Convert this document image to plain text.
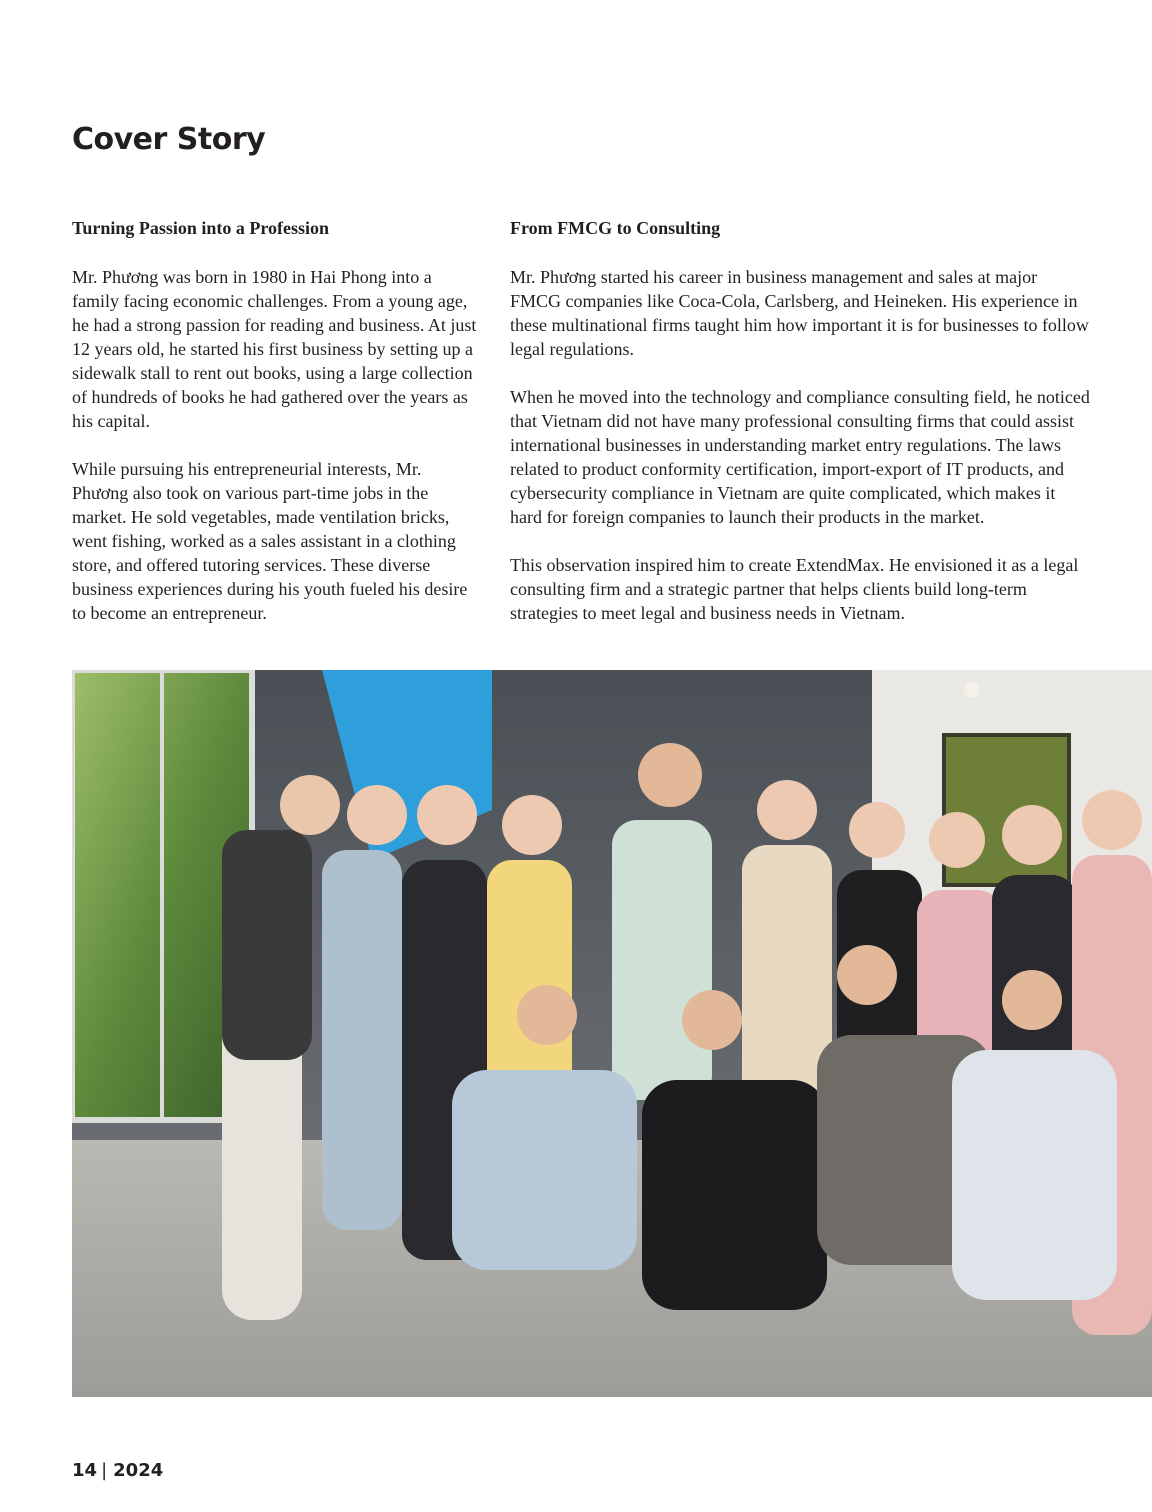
Cover Story
Turning Passion into a Profession

Mr. Phương was born in 1980 in Hai Phong into a family facing economic challenges. From a young age, he had a strong passion for reading and business. At just 12 years old, he started his first business by setting up a sidewalk stall to rent out books, using a large collection of hundreds of books he had gathered over the years as his capital.

While pursuing his entrepreneurial interests, Mr. Phương also took on various part-time jobs in the market. He sold vegetables, made ventilation bricks, went fishing, worked as a sales assistant in a clothing store, and offered tutoring services. These diverse business experiences during his youth fueled his desire to become an entrepreneur.

From FMCG to Consulting

Mr. Phương started his career in business management and sales at major FMCG companies like Coca-Cola, Carlsberg, and Heineken. His experience in these multinational firms taught him how important it is for businesses to follow legal regulations.

When he moved into the technology and compliance consulting field, he noticed that Vietnam did not have many professional consulting firms that could assist international businesses in understanding market entry regulations. The laws related to product conformity certification, import-export of IT products, and cybersecurity compliance in Vietnam are quite complicated, which makes it hard for foreign companies to launch their products in the market.

This observation inspired him to create ExtendMax. He envisioned it as a legal consulting firm and a strategic partner that helps clients build long-term strategies to meet legal and business needs in Vietnam.

14 | 2024
